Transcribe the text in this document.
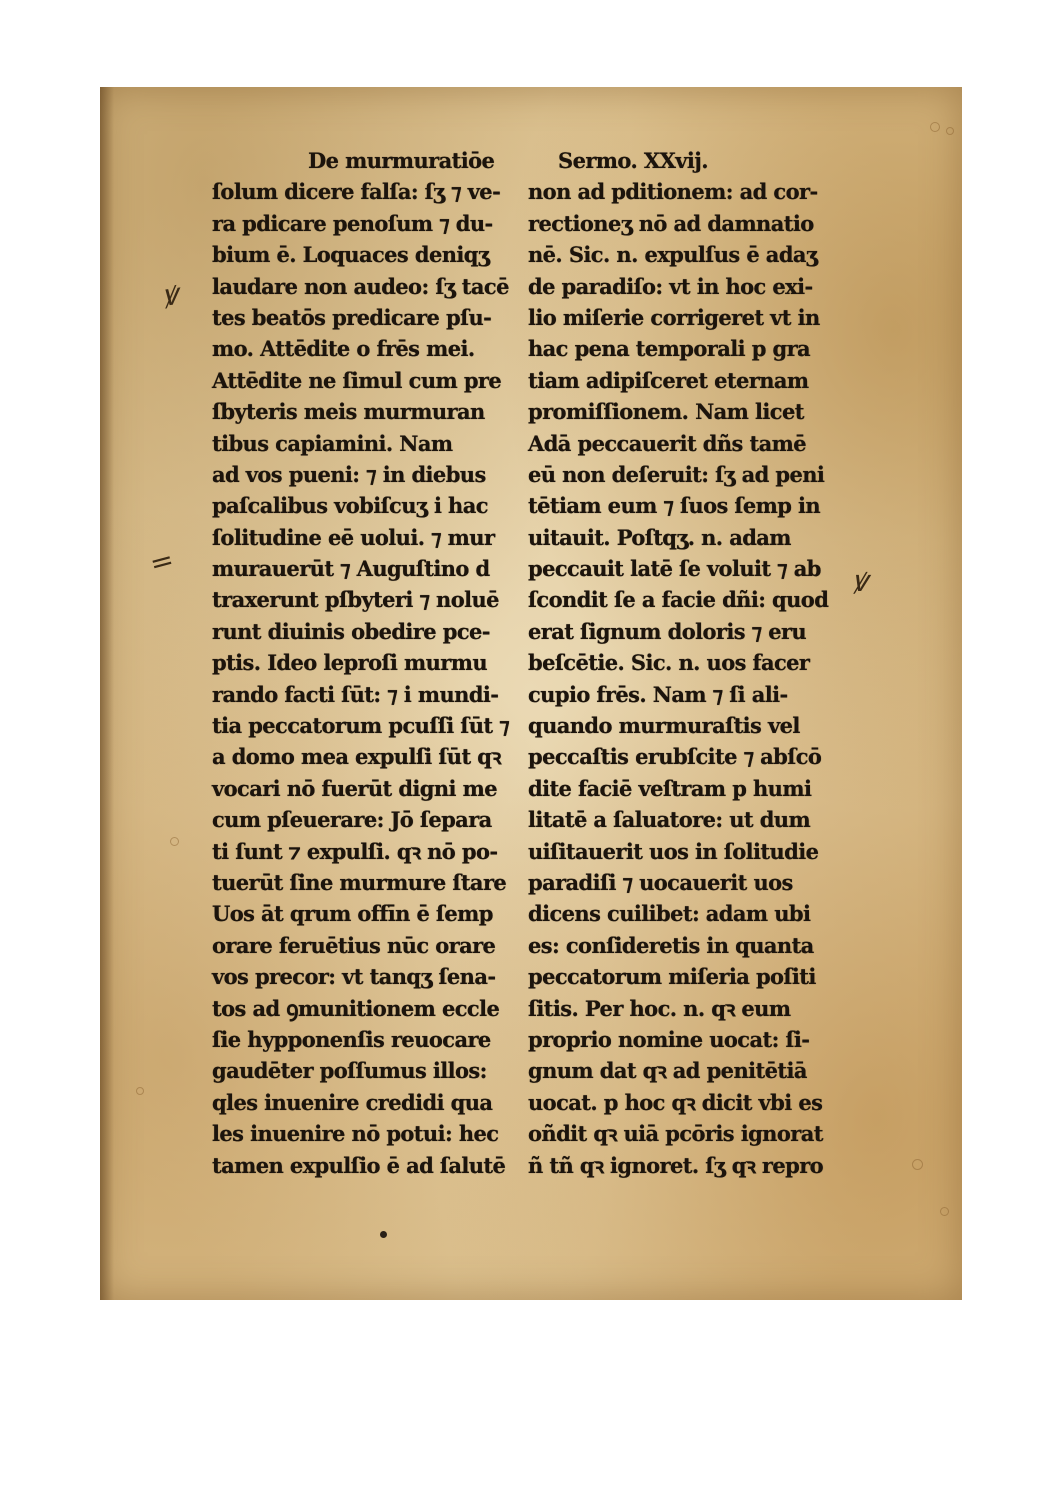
De murmuratiōe
ſolum dicere falſa: ſʒ ⁊ ve-
ra pdicare penoſum ⁊ du-
bium ē. Loquaces deniqʒ
laudare non audeo: ſʒ tacē
tes beatōs predicare pſu-
mo. Attēdite o frēs mei.
Attēdite ne ſimul cum pre
ſbyteris meis murmuran
tibus capiamini. Nam
ad vos pueni: ⁊ in diebus
paſcalibus vobiſcuʒ i hac
ſolitudine eē uolui. ⁊ mur
murauerūt ⁊ Auguſtino d
traxerunt pſbyteri ⁊ noluē
runt diuinis obedire pce-
ptis. Ideo leproſi murmu
rando facti ſūt: ⁊ i mundi-
tia peccatorum pcuſſi ſūt ⁊
a domo mea expulſi ſūt qꝛ
vocari nō fuerūt digni me
cum pſeuerare: Jō ſepara
ti ſunt ⁊ expulſi. qꝛ nō po-
tuerūt ſine murmure ſtare
Uos āt qrum offīn ē ſemp
orare feruētius nūc orare
vos precor: vt tanqʒ ſena-
tos ad ꝯmunitionem eccle
ſie hypponenſis reuocare
gaudēter poſſumus illos:
qles inuenire credidi qua
les inuenire nō potui: hec
tamen expulſio ē ad ſalutē
Sermo. XXvij.
non ad pditionem: ad cor-
rectioneʒ nō ad damnatio
nē. Sic. n. expulſus ē adaʒ
de paradiſo: vt in hoc exi-
lio miſerie corrigeret vt in
hac pena temporali p gra
tiam adipiſceret eternam
promiſſionem. Nam licet
Adā peccauerit dñs tamē
eū non deſeruit: ſʒ ad peni
tētiam eum ⁊ ſuos ſemp in
uitauit. Poſtqʒ. n. adam
peccauit latē ſe voluit ⁊ ab
ſcondit ſe a facie dñi: quod
erat ſignum doloris ⁊ eru
beſcētie. Sic. n. uos facer
cupio frēs. Nam ⁊ ſi ali-
quando murmuraſtis vel
peccaſtis erubſcite ⁊ abſcō
dite faciē veſtram p humi
litatē a ſaluatore: ut dum
uiſitauerit uos in ſolitudie
paradiſi ⁊ uocauerit uos
dicens cuilibet: adam ubi
es: conſideretis in quanta
peccatorum miſeria poſiti
ſitis. Per hoc. n. qꝛ eum
proprio nomine uocat: ſi-
gnum dat qꝛ ad penitētiā
uocat. p hoc qꝛ dicit vbi es
oñdit qꝛ uiā pcōris ignorat
ñ tñ qꝛ ignoret. ſʒ qꝛ repro
ꝟ
=
ꝟ
